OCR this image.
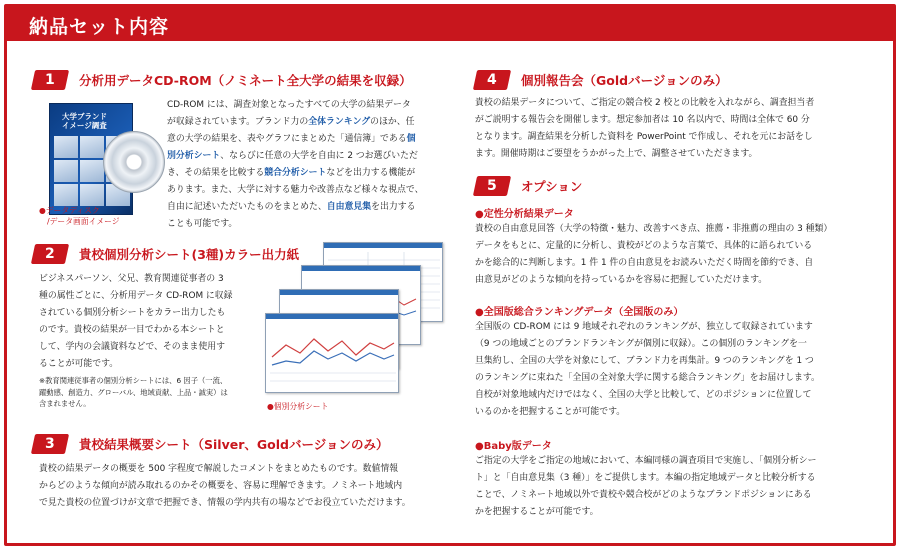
納品セット内容
1 分析用データCD-ROM（ノミネート全大学の結果を収録）
大学ブランド
イメージ調査
●データディスク
/データ画面イメージ
CD-ROM には、調査対象となったすべての大学の結果データ
が収録されています。ブランド力の全体ランキングのほか、任
意の大学の結果を、表やグラフにまとめた「通信簿」である個
別分析シート、ならびに任意の大学を自由に 2 つお選びいただ
き、その結果を比較する競合分析シートなどを出力する機能が
あります。また、大学に対する魅力や改善点など様々な視点で、
自由に記述いただいたものをまとめた、自由意見集を出力する
ことも可能です。
2 貴校個別分析シート(3種)カラー出力紙
ビジネスパーソン、父兄、教育関連従事者の 3
種の属性ごとに、分析用データ CD-ROM に収録
されている個別分析シートをカラー出力したも
のです。貴校の結果が一目でわかる本シートと
して、学内の会議資料などで、そのまま使用す
ることが可能です。
※教育関連従事者の個別分析シートには、6 因子（一流、
躍動感、創造力、グローバル、地域貢献、上品・誠実）は
含まれません。	●個別分析シート
3 貴校結果概要シート（Silver、Goldバージョンのみ）
貴校の結果データの概要を 500 字程度で解説したコメントをまとめたものです。数値情報
からどのような傾向が読み取れるのかその概要を、容易に理解できます。ノミネート地域内
で見た貴校の位置づけが文章で把握でき、情報の学内共有の場などでお役立ていただけます。
4 個別報告会（Goldバージョンのみ）
貴校の結果データについて、ご指定の競合校 2 校との比較を入れながら、調査担当者
がご説明する報告会を開催します。想定参加者は 10 名以内で、時間は全体で 60 分
となります。調査結果を分析した資料を PowerPoint で作成し、それを元にお話をし
ます。開催時期はご要望をうかがった上で、調整させていただきます。
5 オプション
●定性分析結果データ
貴校の自由意見回答（大学の特徴・魅力、改善すべき点、推薦・非推薦の理由の 3 種類）
データをもとに、定量的に分析し、貴校がどのような言葉で、具体的に語られている
かを総合的に判断します。1 件 1 件の自由意見をお読みいただく時間を節約でき、自
由意見がどのような傾向を持っているかを容易に把握していただけます。
●全国版総合ランキングデータ（全国版のみ）
全国版の CD-ROM には 9 地域それぞれのランキングが、独立して収録されています
（9 つの地域ごとのブランドランキングが個別に収録）。この個別のランキングを一
旦集約し、全国の大学を対象にして、ブランド力を再集計。9 つのランキングを 1 つ
のランキングに束ねた「全国の全対象大学に関する総合ランキング」をお届けします。
自校が対象地域内だけではなく、全国の大学と比較して、どのポジションに位置して
いるのかを把握することが可能です。
●Baby版データ
ご指定の大学をご指定の地域において、本編同様の調査項目で実施し、「個別分析シー
ト」と「自由意見集（3 種）」をご提供します。本編の指定地域データと比較分析する
ことで、ノミネート地域以外で貴校や競合校がどのようなブランドポジションにある
かを把握することが可能です。
